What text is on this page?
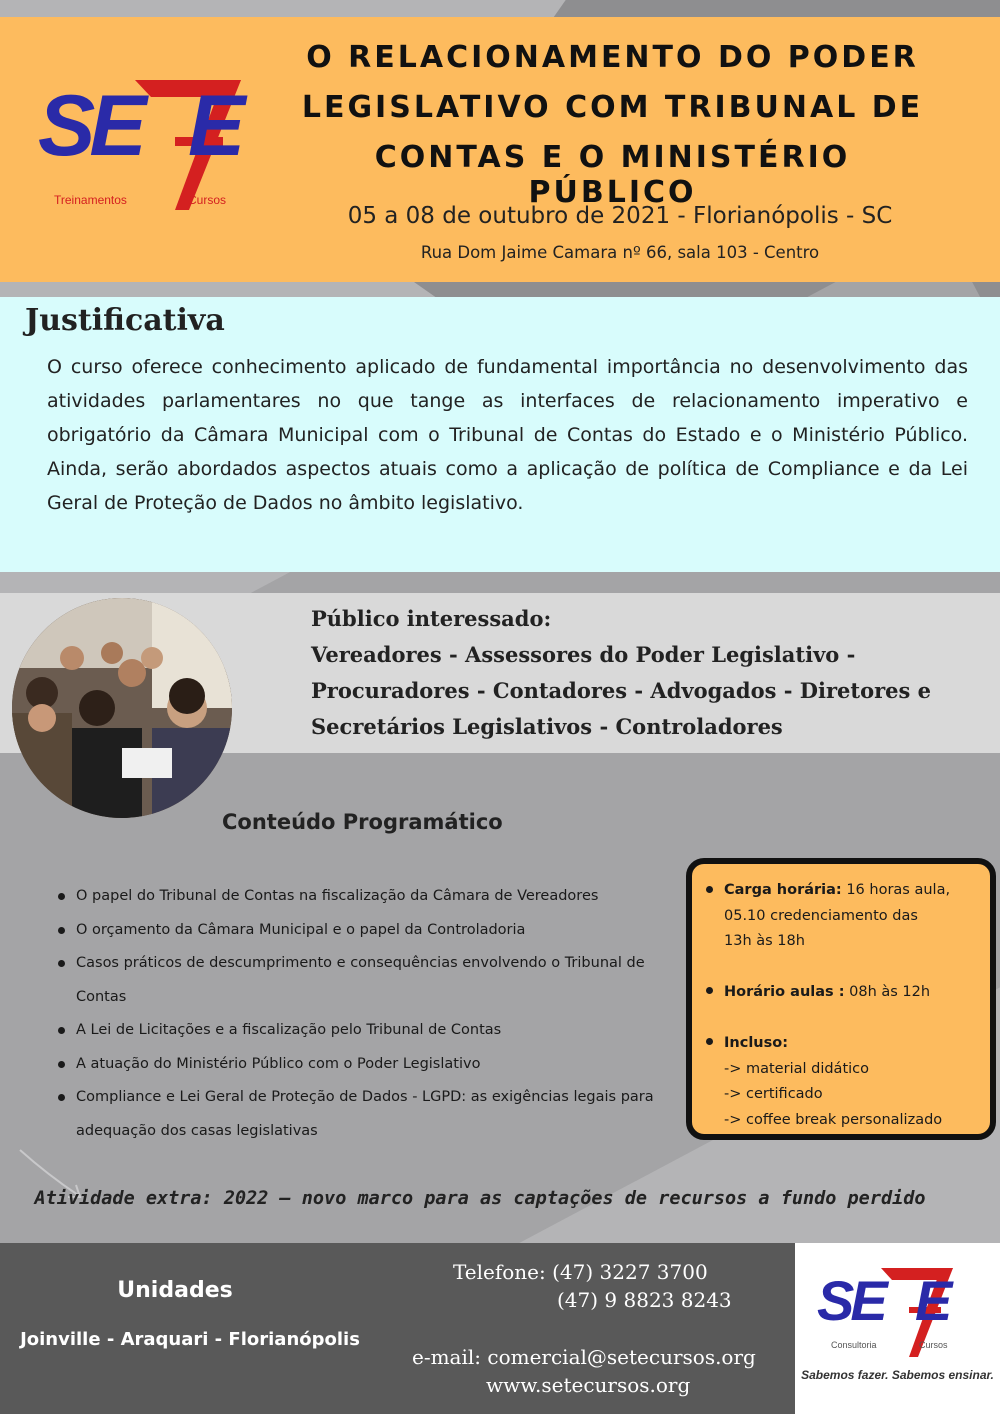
SE E
Treinamentos	Cursos
O RELACIONAMENTO DO PODER
LEGISLATIVO COM TRIBUNAL DE
CONTAS E O MINISTÉRIO PÚBLICO
05 a 08 de outubro de 2021 - Florianópolis - SC
Rua Dom Jaime Camara nº 66, sala 103 - Centro
Justificativa
O curso oferece conhecimento aplicado de fundamental importância no desenvolvimento das atividades parlamentares no que tange as interfaces de relacionamento imperativo e obrigatório da Câmara Municipal com o Tribunal de Contas do Estado e o Ministério Público. Ainda, serão abordados aspectos atuais como a aplicação de política de Compliance e da Lei Geral de Proteção de Dados no âmbito legislativo.
Público interessado:
Vereadores - Assessores do Poder Legislativo -
Procuradores - Contadores - Advogados - Diretores e
Secretários Legislativos - Controladores
Conteúdo Programático
O papel do Tribunal de Contas na fiscalização da Câmara de Vereadores
O orçamento da Câmara Municipal e o papel da Controladoria
Casos práticos de descumprimento e consequências envolvendo o Tribunal de Contas
A Lei de Licitações e a fiscalização pelo Tribunal de Contas
A atuação do Ministério Público com o Poder Legislativo
Compliance e Lei Geral de Proteção de Dados - LGPD: as exigências legais para adequação dos casas legislativas
Carga horária: 16 horas aula,
05.10 credenciamento das
13h às 18h
Horário aulas : 08h às 12h
Incluso:
-> material didático
-> certificado
-> coffee break personalizado
Atividade extra: 2022 – novo marco para as captações de recursos a fundo perdido
Unidades
Joinville - Araquari - Florianópolis
Telefone: (47) 3227 3700
(47) 9 8823 8243
e-mail: comercial@setecursos.org
www.setecursos.org
SE E
Consultoria	Cursos
Sabemos fazer. Sabemos ensinar.
